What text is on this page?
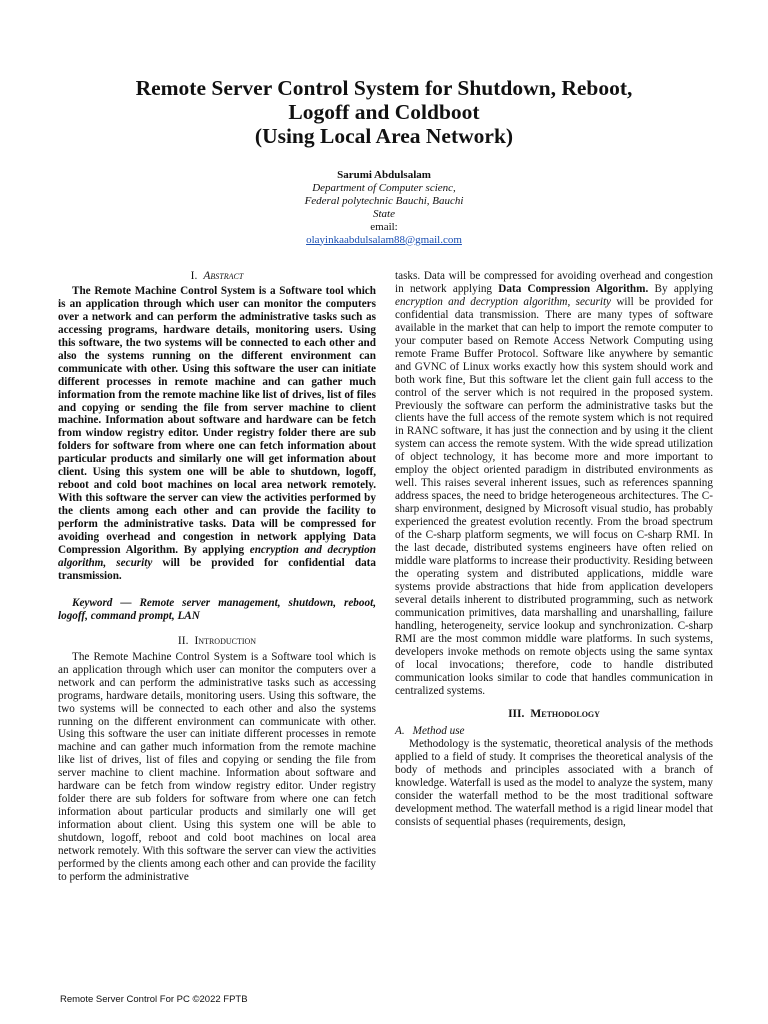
Remote Server Control System for Shutdown, Reboot,
Logoff and Coldboot
(Using Local Area Network)
Sarumi Abdulsalam
Department of Computer scienc,
Federal polytechnic Bauchi, Bauchi
State
email:
olayinkaabdulsalam88@gmail.com

I. Abstract

The Remote Machine Control System is a Software tool which is an application through which user can monitor the computers over a network and can perform the administrative tasks such as accessing programs, hardware details, monitoring users. Using this software, the two systems will be connected to each other and also the systems running on the different environment can communicate with other. Using this software the user can initiate different processes in remote machine and can gather much information from the remote machine like list of drives, list of files and copying or sending the file from server machine to client machine. Information about software and hardware can be fetch from window registry editor. Under registry folder there are sub folders for software from where one can fetch information about particular products and similarly one will get information about client. Using this system one will be able to shutdown, logoff, reboot and cold boot machines on local area network remotely. With this software the server can view the activities performed by the clients among each other and can provide the facility to perform the administrative tasks. Data will be compressed for avoiding overhead and congestion in network applying Data Compression Algorithm. By applying encryption and decryption algorithm, security will be provided for confidential data transmission.

Keyword — Remote server management, shutdown, reboot, logoff, command prompt, LAN

II. Introduction

The Remote Machine Control System is a Software tool which is an application through which user can monitor the computers over a network and can perform the administrative tasks such as accessing programs, hardware details, monitoring users. Using this software, the two systems will be connected to each other and also the systems running on the different environment can communicate with other. Using this software the user can initiate different processes in remote machine and can gather much information from the remote machine like list of drives, list of files and copying or sending the file from server machine to client machine. Information about software and hardware can be fetch from window registry editor. Under registry folder there are sub folders for software from where one can fetch information about particular products and similarly one will get information about client. Using this system one will be able to shutdown, logoff, reboot and cold boot machines on local area network remotely. With this software the server can view the activities performed by the clients among each other and can provide the facility to perform the administrative

tasks. Data will be compressed for avoiding overhead and congestion in network applying Data Compression Algorithm. By applying encryption and decryption algorithm, security will be provided for confidential data transmission. There are many types of software available in the market that can help to import the remote computer to your computer based on Remote Access Network Computing using remote Frame Buffer Protocol. Software like anywhere by semantic and GVNC of Linux works exactly how this system should work and both work fine, But this software let the client gain full access to the control of the server which is not required in the proposed system. Previously the software can perform the administrative tasks but the clients have the full access of the remote system which is not required in RANC software, it has just the connection and by using it the client system can access the remote system. With the wide spread utilization of object technology, it has become more and more important to employ the object oriented paradigm in distributed environments as well. This raises several inherent issues, such as references spanning address spaces, the need to bridge heterogeneous architectures. The C-sharp environment, designed by Microsoft visual studio, has probably experienced the greatest evolution recently. From the broad spectrum of the C-sharp platform segments, we will focus on C-sharp RMI. In the last decade, distributed systems engineers have often relied on middle ware platforms to increase their productivity. Residing between the operating system and distributed applications, middle ware systems provide abstractions that hide from application developers several details inherent to distributed programming, such as network communication primitives, data marshalling and unarshalling, failure handling, heterogeneity, service lookup and synchronization. C-sharp RMI are the most common middle ware platforms. In such systems, developers invoke methods on remote objects using the same syntax of local invocations; therefore, code to handle distributed communication looks similar to code that handles communication in centralized systems.

III. Methodology

A. Method use

Methodology is the systematic, theoretical analysis of the methods applied to a field of study. It comprises the theoretical analysis of the body of methods and principles associated with a branch of knowledge. Waterfall is used as the model to analyze the system, many consider the waterfall method to be the most traditional software development method. The waterfall method is a rigid linear model that consists of sequential phases (requirements, design,

Remote Server Control For PC ©2022 FPTB
